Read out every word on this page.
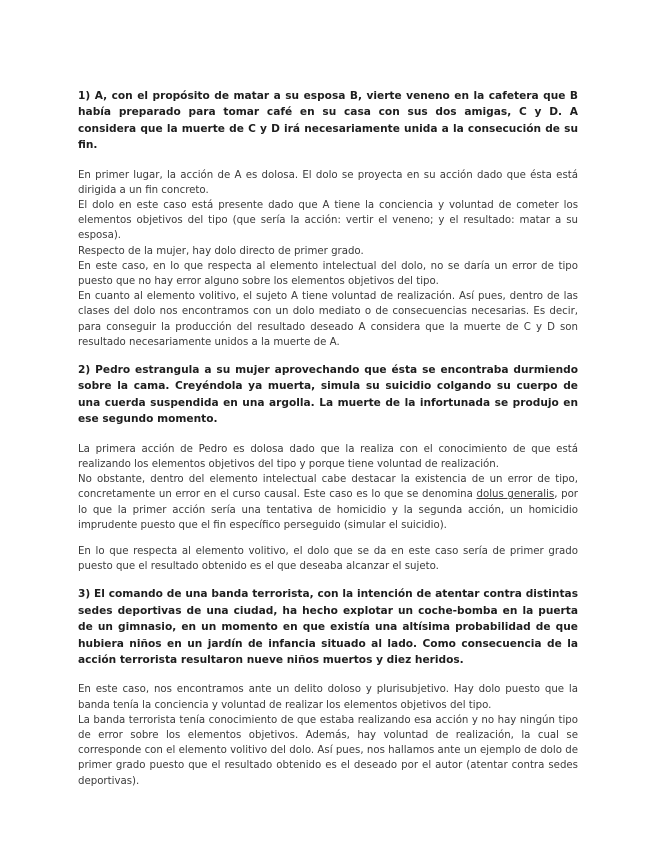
1) A, con el propósito de matar a su esposa B, vierte veneno en la cafetera que B había preparado para tomar café en su casa con sus dos amigas, C y D. A considera que la muerte de C y D irá necesariamente unida a la consecución de su fin.

En primer lugar, la acción de A es dolosa. El dolo se proyecta en su acción dado que ésta está dirigida a un fin concreto.

El dolo en este caso está presente dado que A tiene la conciencia y voluntad de cometer los elementos objetivos del tipo (que sería la acción: vertir el veneno; y el resultado: matar a su esposa).

Respecto de la mujer, hay dolo directo de primer grado.

En este caso, en lo que respecta al elemento intelectual del dolo, no se daría un error de tipo puesto que no hay error alguno sobre los elementos objetivos del tipo.

En cuanto al elemento volitivo, el sujeto A tiene voluntad de realización. Así pues, dentro de las clases del dolo nos encontramos con un dolo mediato o de consecuencias necesarias. Es decir, para conseguir la producción del resultado deseado A considera que la muerte de C y D son resultado necesariamente unidos a la muerte de A.

2) Pedro estrangula a su mujer aprovechando que ésta se encontraba durmiendo sobre la cama. Creyéndola ya muerta, simula su suicidio colgando su cuerpo de una cuerda suspendida en una argolla. La muerte de la infortunada se produjo en ese segundo momento.

La primera acción de Pedro es dolosa dado que la realiza con el conocimiento de que está realizando los elementos objetivos del tipo y porque tiene voluntad de realización.

No obstante, dentro del elemento intelectual cabe destacar la existencia de un error de tipo, concretamente un error en el curso causal. Este caso es lo que se denomina dolus generalis, por lo que la primer acción sería una tentativa de homicidio y la segunda acción, un homicidio imprudente puesto que el fin específico perseguido (simular el suicidio).

En lo que respecta al elemento volitivo, el dolo que se da en este caso sería de primer grado puesto que el resultado obtenido es el que deseaba alcanzar el sujeto.

3) El comando de una banda terrorista, con la intención de atentar contra distintas sedes deportivas de una ciudad, ha hecho explotar un coche-bomba en la puerta de un gimnasio, en un momento en que existía una altísima probabilidad de que hubiera niños en un jardín de infancia situado al lado. Como consecuencia de la acción terrorista resultaron nueve niños muertos y diez heridos.

En este caso, nos encontramos ante un delito doloso y plurisubjetivo. Hay dolo puesto que la banda tenía la conciencia y voluntad de realizar los elementos objetivos del tipo.

La banda terrorista tenía conocimiento de que estaba realizando esa acción y no hay ningún tipo de error sobre los elementos objetivos. Además, hay voluntad de realización, la cual se corresponde con el elemento volitivo del dolo. Así pues, nos hallamos ante un ejemplo de dolo de primer grado puesto que el resultado obtenido es el deseado por el autor (atentar contra sedes deportivas).
